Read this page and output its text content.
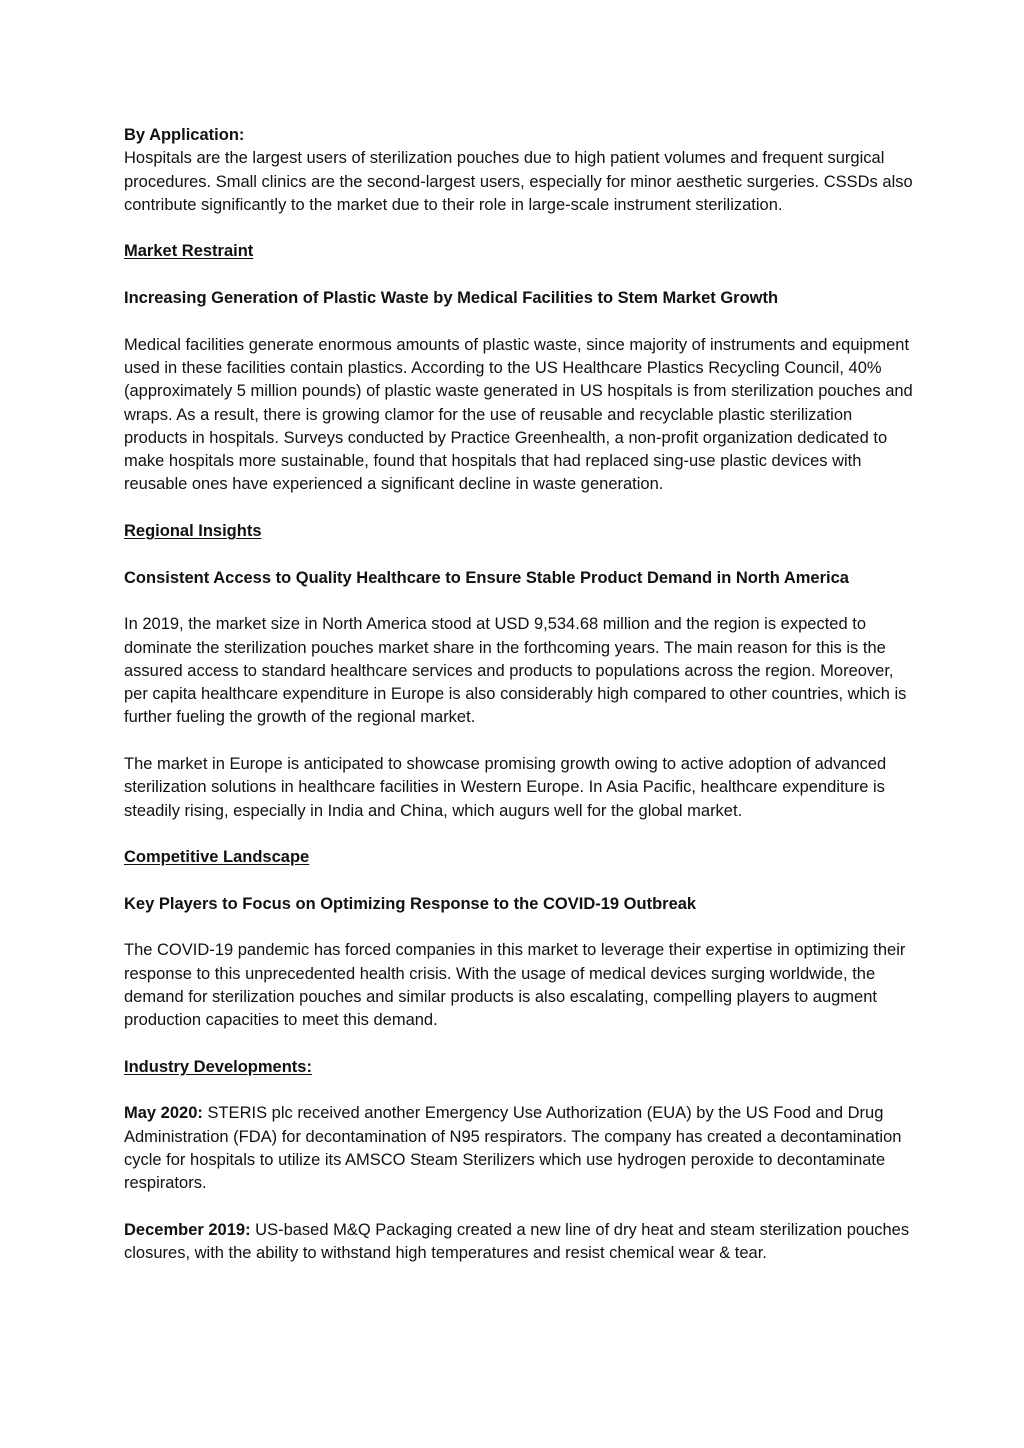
By Application:
Hospitals are the largest users of sterilization pouches due to high patient volumes and frequent surgical procedures. Small clinics are the second-largest users, especially for minor aesthetic surgeries. CSSDs also contribute significantly to the market due to their role in large-scale instrument sterilization.

Market Restraint

Increasing Generation of Plastic Waste by Medical Facilities to Stem Market Growth

Medical facilities generate enormous amounts of plastic waste, since majority of instruments and equipment used in these facilities contain plastics. According to the US Healthcare Plastics Recycling Council, 40% (approximately 5 million pounds) of plastic waste generated in US hospitals is from sterilization pouches and wraps. As a result, there is growing clamor for the use of reusable and recyclable plastic sterilization products in hospitals. Surveys conducted by Practice Greenhealth, a non-profit organization dedicated to make hospitals more sustainable, found that hospitals that had replaced sing-use plastic devices with reusable ones have experienced a significant decline in waste generation.

Regional Insights

Consistent Access to Quality Healthcare to Ensure Stable Product Demand in North America

In 2019, the market size in North America stood at USD 9,534.68 million and the region is expected to dominate the sterilization pouches market share in the forthcoming years. The main reason for this is the assured access to standard healthcare services and products to populations across the region. Moreover, per capita healthcare expenditure in Europe is also considerably high compared to other countries, which is further fueling the growth of the regional market.

The market in Europe is anticipated to showcase promising growth owing to active adoption of advanced sterilization solutions in healthcare facilities in Western Europe. In Asia Pacific, healthcare expenditure is steadily rising, especially in India and China, which augurs well for the global market.

Competitive Landscape

Key Players to Focus on Optimizing Response to the COVID-19 Outbreak

The COVID-19 pandemic has forced companies in this market to leverage their expertise in optimizing their response to this unprecedented health crisis. With the usage of medical devices surging worldwide, the demand for sterilization pouches and similar products is also escalating, compelling players to augment production capacities to meet this demand.

Industry Developments:

May 2020: STERIS plc received another Emergency Use Authorization (EUA) by the US Food and Drug Administration (FDA) for decontamination of N95 respirators. The company has created a decontamination cycle for hospitals to utilize its AMSCO Steam Sterilizers which use hydrogen peroxide to decontaminate respirators.

December 2019: US-based M&Q Packaging created a new line of dry heat and steam sterilization pouches closures, with the ability to withstand high temperatures and resist chemical wear & tear.
